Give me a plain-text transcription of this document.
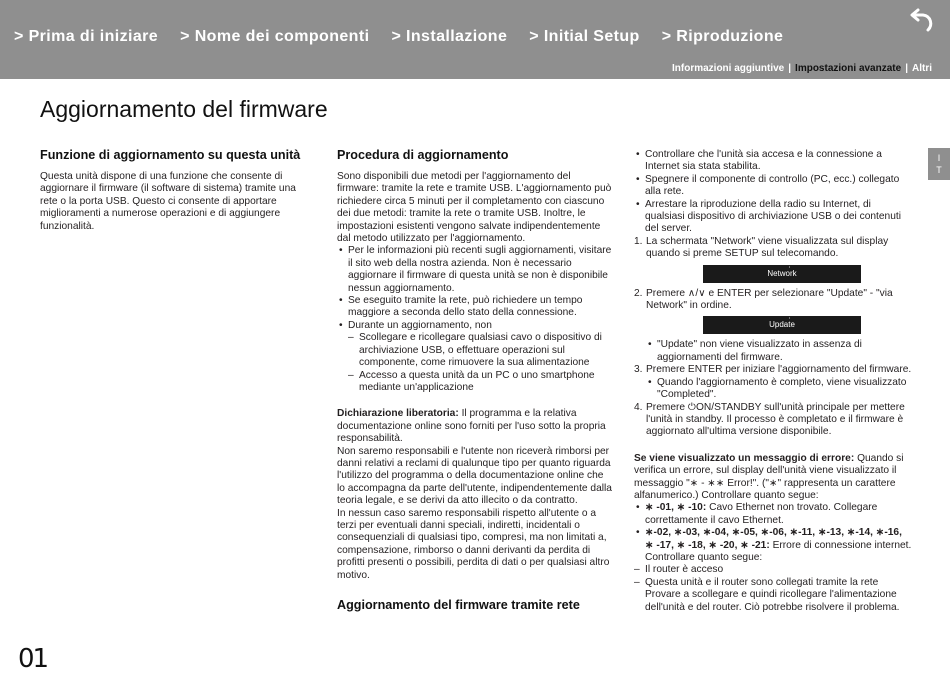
> Prima di iniziare > Nome dei componenti > Installazione > Initial Setup > Riproduzione
Informazioni aggiuntive | Impostazioni avanzate | Altri
Aggiornamento del firmware
Funzione di aggiornamento su questa unità

Questa unità dispone di una funzione che consente di aggiornare il firmware (il software di sistema) tramite una rete o la porta USB. Questo ci consente di apportare miglioramenti a numerose operazioni e di aggiungere funzionalità.

Procedura di aggiornamento

Sono disponibili due metodi per l'aggiornamento del firmware: tramite la rete e tramite USB. L'aggiornamento può richiedere circa 5 minuti per il completamento con ciascuno dei due metodi: tramite la rete o tramite USB. Inoltre, le impostazioni esistenti vengono salvate indipendentemente dal metodo utilizzato per l'aggiornamento.

• Per le informazioni più recenti sugli aggiornamenti, visitare il sito web della nostra azienda. Non è necessario aggiornare il firmware di questa unità se non è disponibile nessun aggiornamento.
• Se eseguito tramite la rete, può richiedere un tempo maggiore a seconda dello stato della connessione.
• Durante un aggiornamento, non
– Scollegare e ricollegare qualsiasi cavo o dispositivo di archiviazione USB, o effettuare operazioni sul componente, come rimuovere la sua alimentazione
– Accesso a questa unità da un PC o uno smartphone mediante un'applicazione

Dichiarazione liberatoria: Il programma e la relativa documentazione online sono forniti per l'uso sotto la propria responsabilità.

Non saremo responsabili e l'utente non riceverà rimborsi per danni relativi a reclami di qualunque tipo per quanto riguarda l'utilizzo del programma o della documentazione online che lo accompagna da parte dell'utente, indipendentemente dalla teoria legale, e se derivi da atto illecito o da contratto.

In nessun caso saremo responsabili rispetto all'utente o a terzi per eventuali danni speciali, indiretti, incidentali o consequenziali di qualsiasi tipo, compresi, ma non limitati a, compensazione, rimborso o danni derivanti da perdita di profitti presenti o possibili, perdita di dati o per qualsiasi altro motivo.

Aggiornamento del firmware tramite rete
• Controllare che l'unità sia accesa e la connessione a Internet sia stata stabilita.
• Spegnere il componente di controllo (PC, ecc.) collegato alla rete.
• Arrestare la riproduzione della radio su Internet, di qualsiasi dispositivo di archiviazione USB o dei contenuti del server.
1. La schermata "Network" viene visualizzata sul display quando si preme SETUP sul telecomando.
⋮
Network
2. Premere ∧/∨ e ENTER per selezionare "Update" - "via Network" in ordine.
⋮
Update
• "Update" non viene visualizzato in assenza di aggiornamenti del firmware.
3. Premere ENTER per iniziare l'aggiornamento del firmware.
• Quando l'aggiornamento è completo, viene visualizzato "Completed".
4. Premere ⏻ON/STANDBY sull'unità principale per mettere l'unità in standby. Il processo è completato e il firmware è aggiornato all'ultima versione disponibile.

Se viene visualizzato un messaggio di errore: Quando si verifica un errore, sul display dell'unità viene visualizzato il messaggio "∗ - ∗∗ Error!". ("∗" rappresenta un carattere alfanumerico.) Controllare quanto segue:

• ∗ -01, ∗ -10: Cavo Ethernet non trovato. Collegare correttamente il cavo Ethernet.
• ∗-02, ∗-03, ∗-04, ∗-05, ∗-06, ∗-11, ∗-13, ∗-14, ∗-16, ∗ -17, ∗ -18, ∗ -20, ∗ -21: Errore di connessione internet. Controllare quanto segue:
– Il router è acceso
– Questa unità e il router sono collegati tramite la rete

Provare a scollegare e quindi ricollegare l'alimentazione dell'unità e del router. Ciò potrebbe risolvere il problema.

I
T
01
